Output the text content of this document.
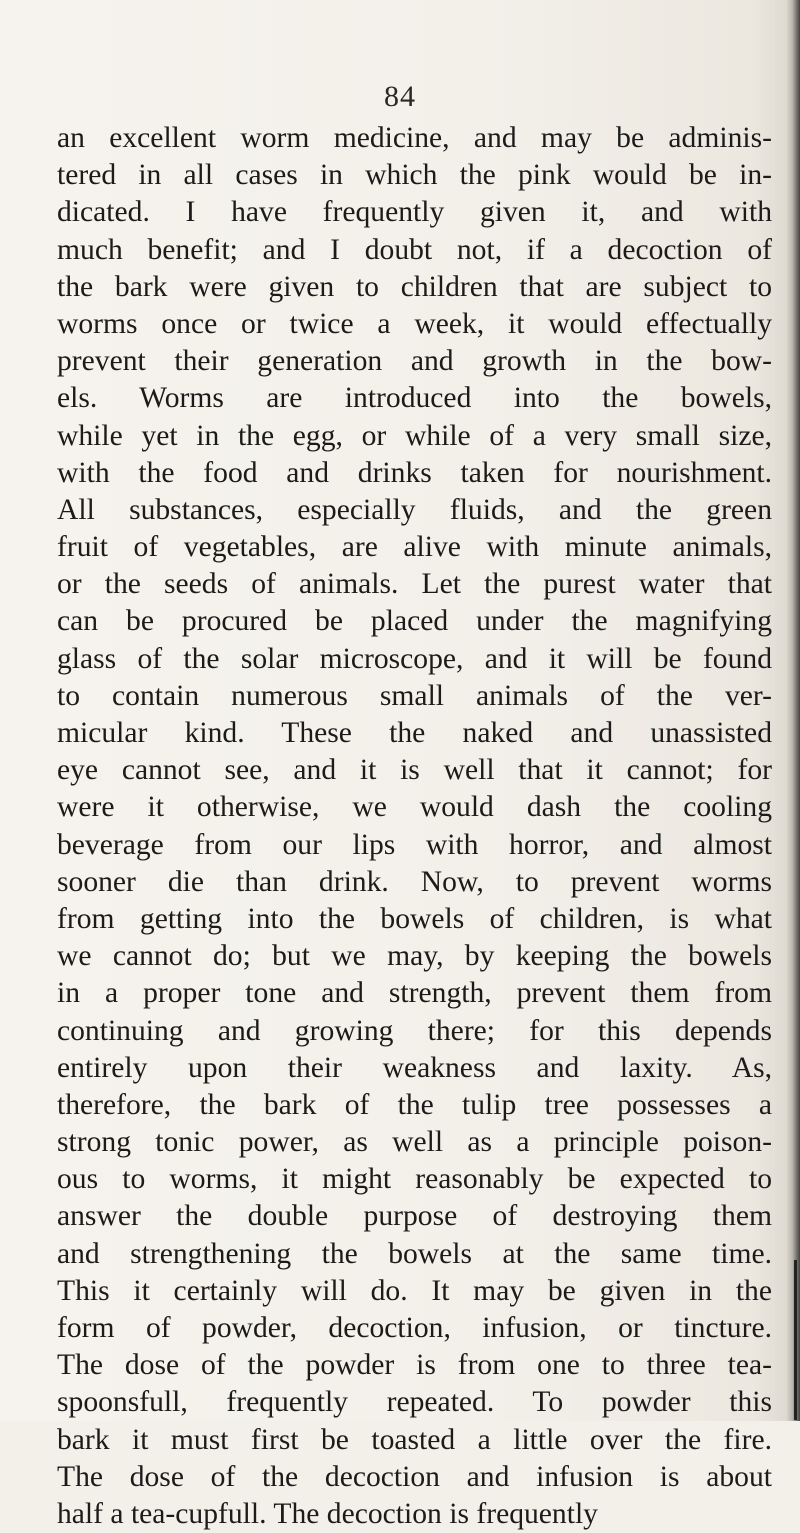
84
an excellent worm medicine, and may be adminis-
tered in all cases in which the pink would be in-
dicated. I have frequently given it, and with
much benefit; and I doubt not, if a decoction of
the bark were given to children that are subject to
worms once or twice a week, it would effectually
prevent their generation and growth in the bow-
els. Worms are introduced into the bowels,
while yet in the egg, or while of a very small size,
with the food and drinks taken for nourishment.
All substances, especially fluids, and the green
fruit of vegetables, are alive with minute animals,
or the seeds of animals. Let the purest water that
can be procured be placed under the magnifying
glass of the solar microscope, and it will be found
to contain numerous small animals of the ver-
micular kind. These the naked and unassisted
eye cannot see, and it is well that it cannot; for
were it otherwise, we would dash the cooling
beverage from our lips with horror, and almost
sooner die than drink. Now, to prevent worms
from getting into the bowels of children, is what
we cannot do; but we may, by keeping the bowels
in a proper tone and strength, prevent them from
continuing and growing there; for this depends
entirely upon their weakness and laxity. As,
therefore, the bark of the tulip tree possesses a
strong tonic power, as well as a principle poison-
ous to worms, it might reasonably be expected to
answer the double purpose of destroying them
and strengthening the bowels at the same time.
This it certainly will do. It may be given in the
form of powder, decoction, infusion, or tincture.
The dose of the powder is from one to three tea-
spoonsfull, frequently repeated. To powder this
bark it must first be toasted a little over the fire.
The dose of the decoction and infusion is about
half a tea-cupfull. The decoction is frequently
